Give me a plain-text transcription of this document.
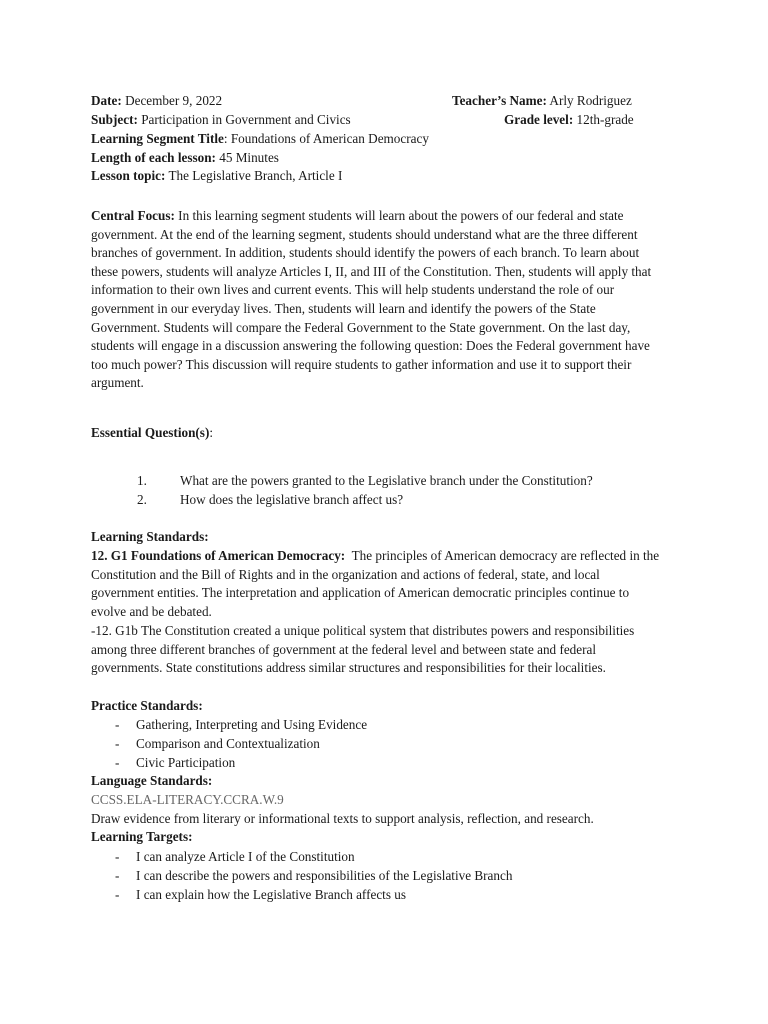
Date: December 9, 2022	Teacher’s Name: Arly Rodriguez
Subject: Participation in Government and Civics	Grade level: 12th-grade
Learning Segment Title: Foundations of American Democracy
Length of each lesson: 45 Minutes
Lesson topic: The Legislative Branch, Article I

Central Focus: In this learning segment students will learn about the powers of our federal and state government. At the end of the learning segment, students should understand what are the three different branches of government. In addition, students should identify the powers of each branch. To learn about these powers, students will analyze Articles I, II, and III of the Constitution. Then, students will apply that information to their own lives and current events. This will help students understand the role of our government in our everyday lives. Then, students will learn and identify the powers of the State Government. Students will compare the Federal Government to the State government. On the last day, students will engage in a discussion answering the following question: Does the Federal government have too much power? This discussion will require students to gather information and use it to support their argument.

Essential Question(s):
1.	What are the powers granted to the Legislative branch under the Constitution?
2.	How does the legislative branch affect us?
Learning Standards:

12. G1 Foundations of American Democracy: The principles of American democracy are reflected in the Constitution and the Bill of Rights and in the organization and actions of federal, state, and local government entities. The interpretation and application of American democratic principles continue to evolve and be debated.

-12. G1b The Constitution created a unique political system that distributes powers and responsibilities among three different branches of government at the federal level and between state and federal governments. State constitutions address similar structures and responsibilities for their localities.

Practice Standards:
- Gathering, Interpreting and Using Evidence
- Comparison and Contextualization
- Civic Participation
Language Standards:
CCSS.ELA-LITERACY.CCRA.W.9
Draw evidence from literary or informational texts to support analysis, reflection, and research.
Learning Targets:
- I can analyze Article I of the Constitution
- I can describe the powers and responsibilities of the Legislative Branch
- I can explain how the Legislative Branch affects us
